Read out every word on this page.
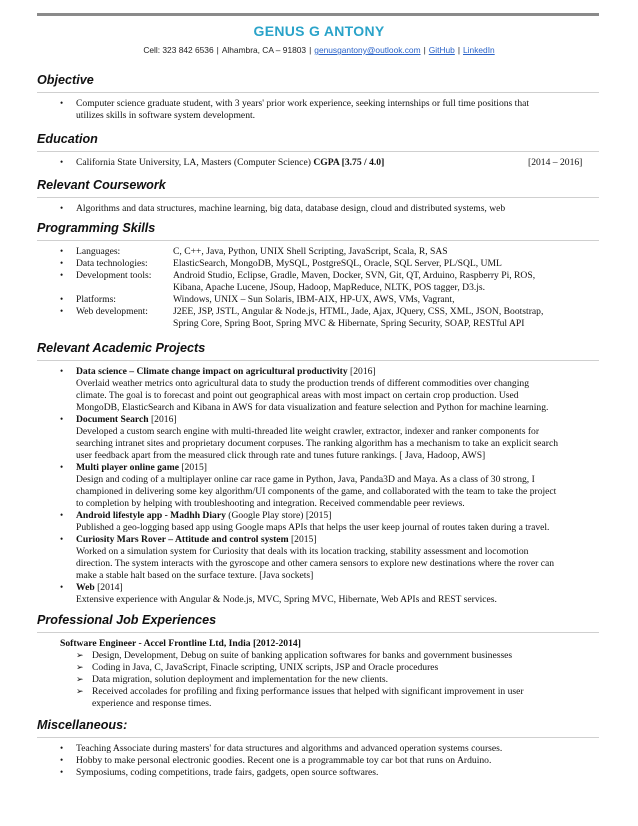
GENUS G ANTONY
Cell: 323 842 6536 | Alhambra, CA – 91803 | genusgantony@outlook.com | GitHub | LinkedIn
Objective
• Computer science graduate student, with 3 years' prior work experience, seeking internships or full time positions that
utilizes skills in software system development.
Education
• California State University, LA, Masters (Computer Science) CGPA [3.75 / 4.0]	[2014 – 2016]
Relevant Coursework
• Algorithms and data structures, machine learning, big data, database design, cloud and distributed systems, web
Programming Skills
• Languages:	C, C++, Java, Python, UNIX Shell Scripting, JavaScript, Scala, R, SAS
• Data technologies:	ElasticSearch, MongoDB, MySQL, PostgreSQL, Oracle, SQL Server, PL/SQL, UML
• Development tools: Android Studio, Eclipse, Gradle, Maven, Docker, SVN, Git, QT, Arduino, Raspberry Pi, ROS,
Kibana, Apache Lucene, JSoup, Hadoop, MapReduce, NLTK, POS tagger, D3.js.
• Platforms:	Windows, UNIX – Sun Solaris, IBM-AIX, HP-UX, AWS, VMs, Vagrant,
• Web development:	J2EE, JSP, JSTL, Angular & Node.js, HTML, Jade, Ajax, JQuery, CSS, XML, JSON, Bootstrap,
Spring Core, Spring Boot, Spring MVC & Hibernate, Spring Security, SOAP, RESTful API
Relevant Academic Projects
• Data science – Climate change impact on agricultural productivity [2016]
Overlaid weather metrics onto agricultural data to study the production trends of different commodities over changing
climate. The goal is to forecast and point out geographical areas with most impact on certain crop production. Used
MongoDB, ElasticSearch and Kibana in AWS for data visualization and feature selection and Python for machine learning.
• Document Search [2016]
Developed a custom search engine with multi-threaded lite weight crawler, extractor, indexer and ranker components for
searching intranet sites and proprietary document corpuses. The ranking algorithm has a mechanism to take an explicit search
user feedback apart from the measured click through rate and tunes future rankings. [ Java, Hadoop, AWS]
• Multi player online game [2015]
Design and coding of a multiplayer online car race game in Python, Java, Panda3D and Maya. As a class of 30 strong, I
championed in delivering some key algorithm/UI components of the game, and collaborated with the team to take the project
to completion by helping with troubleshooting and integration. Received commendable peer reviews.
• Android lifestyle app - Madhh Diary (Google Play store) [2015]
Published a geo-logging based app using Google maps APIs that helps the user keep journal of routes taken during a travel.
• Curiosity Mars Rover – Attitude and control system [2015]
Worked on a simulation system for Curiosity that deals with its location tracking, stability assessment and locomotion
direction. The system interacts with the gyroscope and other camera sensors to explore new destinations where the rover can
make a stable halt based on the surface texture. [Java sockets]
• Web [2014]
Extensive experience with Angular & Node.js, MVC, Spring MVC, Hibernate, Web APIs and REST services.
Professional Job Experiences
Software Engineer - Accel Frontline Ltd, India [2012-2014]
➢ Design, Development, Debug on suite of banking application softwares for banks and government businesses
➢ Coding in Java, C, JavaScript, Finacle scripting, UNIX scripts, JSP and Oracle procedures
➢ Data migration, solution deployment and implementation for the new clients.
➢ Received accolades for profiling and fixing performance issues that helped with significant improvement in user
experience and response times.
Miscellaneous:
• Teaching Associate during masters' for data structures and algorithms and advanced operation systems courses.
• Hobby to make personal electronic goodies. Recent one is a programmable toy car bot that runs on Arduino.
• Symposiums, coding competitions, trade fairs, gadgets, open source softwares.
